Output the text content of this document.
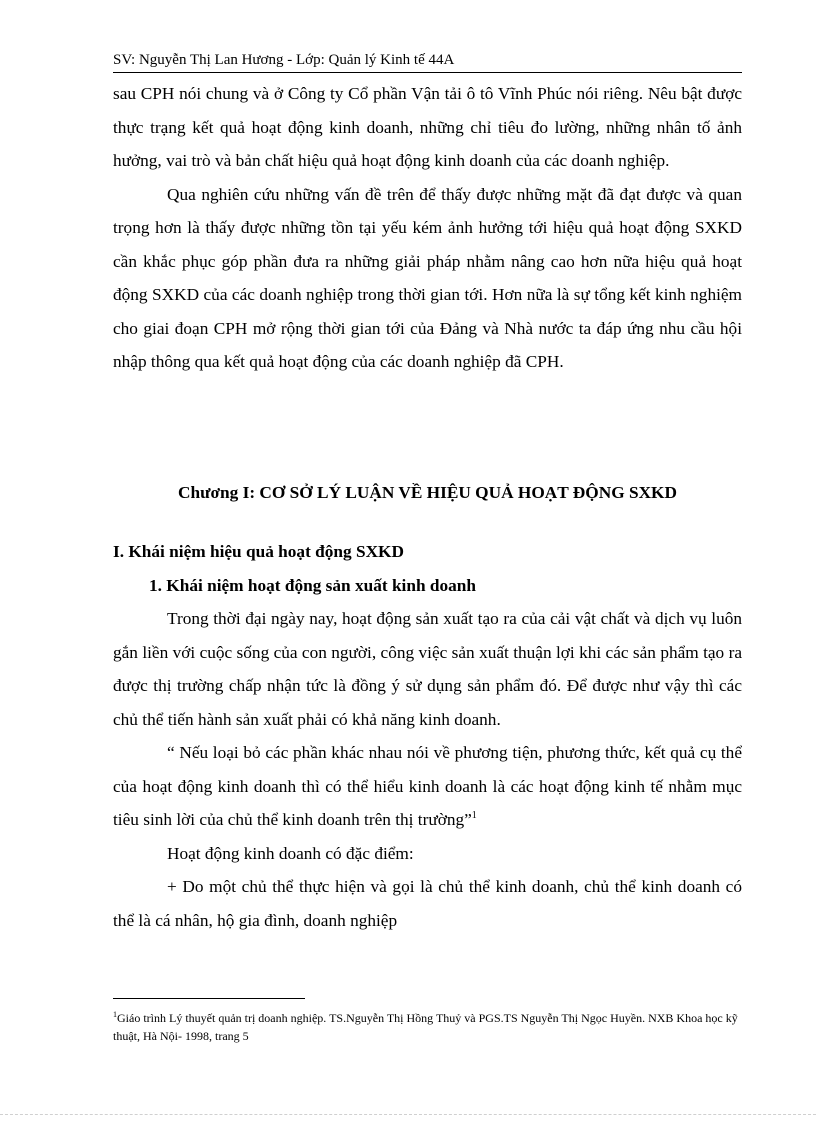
SV: Nguyễn Thị Lan Hương - Lớp: Quản lý Kinh tế 44A

sau CPH nói chung và ở Công ty Cổ phần Vận tải ô tô Vĩnh Phúc nói riêng. Nêu bật được thực trạng kết quả hoạt động kinh doanh, những chỉ tiêu đo lường, những nhân tố ảnh hưởng, vai trò và bản chất hiệu quả hoạt động kinh doanh của các doanh nghiệp.

Qua nghiên cứu những vấn đề trên để thấy được những mặt đã đạt được và quan trọng hơn là thấy được những tồn tại yếu kém ảnh hưởng tới hiệu quả hoạt động SXKD cần khắc phục góp phần đưa ra những giải pháp nhằm nâng cao hơn nữa hiệu quả hoạt động SXKD của các doanh nghiệp trong thời gian tới. Hơn nữa là sự tổng kết kinh nghiệm cho giai đoạn CPH mở rộng thời gian tới của Đảng và Nhà nước ta đáp ứng nhu cầu hội nhập thông qua kết quả hoạt động của các doanh nghiệp đã CPH.

Chương I: CƠ SỞ LÝ LUẬN VỀ HIỆU QUẢ HOẠT ĐỘNG SXKD

I. Khái niệm hiệu quả hoạt động SXKD

1. Khái niệm hoạt động sản xuất kinh doanh

Trong thời đại ngày nay, hoạt động sản xuất tạo ra của cải vật chất và dịch vụ luôn gắn liền với cuộc sống của con người, công việc sản xuất thuận lợi khi các sản phẩm tạo ra được thị trường chấp nhận tức là đồng ý sử dụng sản phẩm đó. Để được như vậy thì các chủ thể tiến hành sản xuất phải có khả năng kinh doanh.

“ Nếu loại bỏ các phần khác nhau nói về phương tiện, phương thức, kết quả cụ thể của hoạt động kinh doanh thì có thể hiểu kinh doanh là các hoạt động kinh tế nhằm mục tiêu sinh lời của chủ thể kinh doanh trên thị trường”$^1$

Hoạt động kinh doanh có đặc điểm:

+ Do một chủ thể thực hiện và gọi là chủ thể kinh doanh, chủ thể kinh doanh có thể là cá nhân, hộ gia đình, doanh nghiệp

$^1$Giáo trình Lý thuyết quản trị doanh nghiệp. TS.Nguyễn Thị Hồng Thuỷ và PGS.TS Nguyễn Thị Ngọc Huyền. NXB Khoa học kỹ thuật, Hà Nội- 1998, trang 5
